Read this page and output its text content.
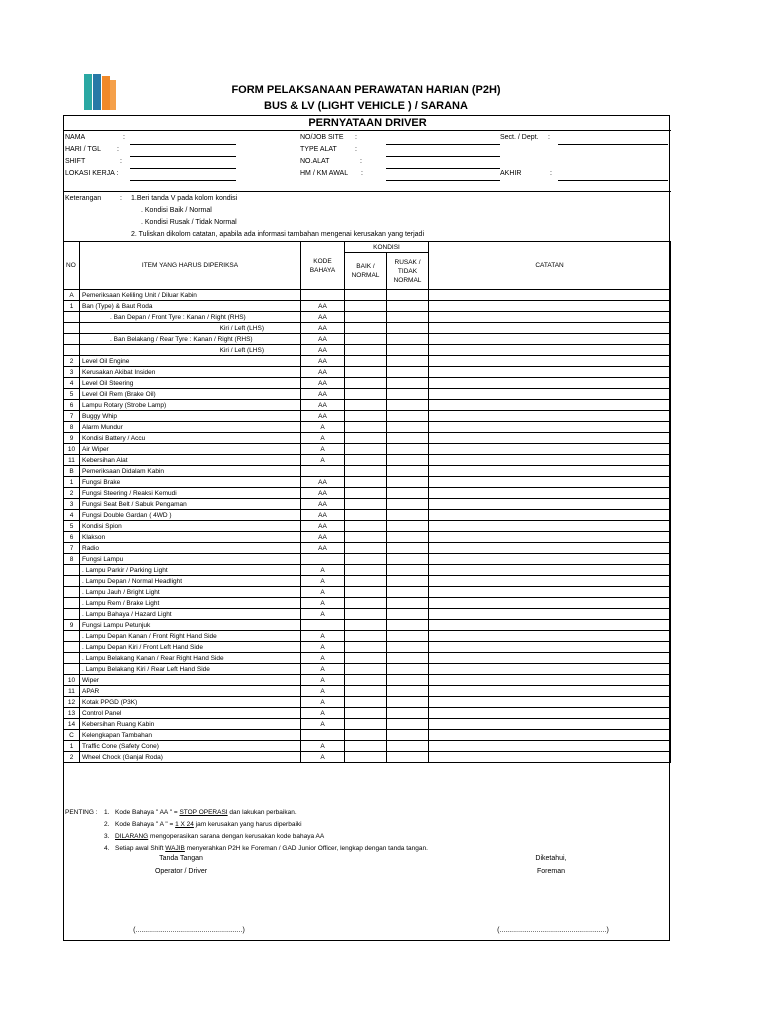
FORM PELAKSANAAN PERAWATAN HARIAN (P2H)
BUS & LV (LIGHT VEHICLE ) / SARANA
PERNYATAAN DRIVER
NAMA	:
HARI / TGL :
SHIFT	:
LOKASI KERJA :
NO/JOB SITE :
TYPE ALAT	:
NO.ALAT	:
HM / KM AWAL :
Sect. / Dept. :
AKHIR	:
Keterangan	: 1.Beri tanda V pada kolom kondisi
. Kondisi Baik / Normal
. Kondisi Rusak / Tidak Normal
2. Tuliskan dikolom catatan, apabila ada informasi tambahan mengenai kerusakan yang terjadi
PENTING : 1. Kode Bahaya " AA " = STOP OPERASI dan lakukan perbaikan.
2. Kode Bahaya " A " = 1 X 24 jam kerusakan yang harus diperbaiki
3. DILARANG mengoperasikan sarana dengan kerusakan kode bahaya AA
4. Setiap awal Shift WAJIB menyerahkan P2H ke Foreman / GAD Junior Officer, lengkap dengan tanda tangan.
Tanda Tangan
Operator / Driver
Diketahui,
Foreman
(.......................................................)	(.......................................................)
NO	ITEM YANG HARUS DIPERIKSA	KODE BAHAYA	KONDISI		CATATAN
			BAIK / NORMAL	RUSAK / TIDAK NORMAL	

A	Pemeriksaan Keliling Unit / Diluar Kabin				
1	Ban (Type) & Baut Roda	AA			
	. Ban Depan / Front Tyre : Kanan / Right (RHS)	AA			
	Kiri / Left (LHS)	AA			
	. Ban Belakang / Rear Tyre : Kanan / Right (RHS)	AA			
	Kiri / Left (LHS)	AA			
2	Level Oil Engine	AA			
3	Kerusakan Akibat Insiden	AA			
4	Level Oil Steering	AA			
5	Level Oil Rem (Brake Oil)	AA			
6	Lampu Rotary (Strobe Lamp)	AA			
7	Buggy Whip	AA			
8	Alarm Mundur	A			
9	Kondisi Battery / Accu	A			
10	Air Wiper	A			
11	Kebersihan Alat	A			
B	Pemeriksaan Didalam Kabin				
1	Fungsi Brake	AA			
2	Fungsi Steering / Reaksi Kemudi	AA			
3	Fungsi Seat Belt / Sabuk Pengaman	AA			
4	Fungsi Double Gardan ( 4WD )	AA			
5	Kondisi Spion	AA			
6	Klakson	AA			
7	Radio	AA			
8	Fungsi Lampu				
	. Lampu Parkir / Parking Light	A			
	. Lampu Depan / Normal Headlight	A			
	. Lampu Jauh / Bright Light	A			
	. Lampu Rem / Brake Light	A			
	. Lampu Bahaya / Hazard Light	A			
9	Fungsi Lampu Petunjuk				
	. Lampu Depan Kanan / Front Right Hand Side	A			
	. Lampu Depan Kiri / Front Left Hand Side	A			
	. Lampu Belakang Kanan / Rear Right Hand Side	A			
	. Lampu Belakang Kiri / Rear Left Hand Side	A			
10	Wiper	A			
11	APAR	A			
12	Kotak PPGD (P3K)	A			
13	Control Panel	A			
14	Kebersihan Ruang Kabin	A			
C	Kelengkapan Tambahan				
1	Traffic Cone (Safety Cone)	A			
2	Wheel Chock (Ganjal Roda)	A			
